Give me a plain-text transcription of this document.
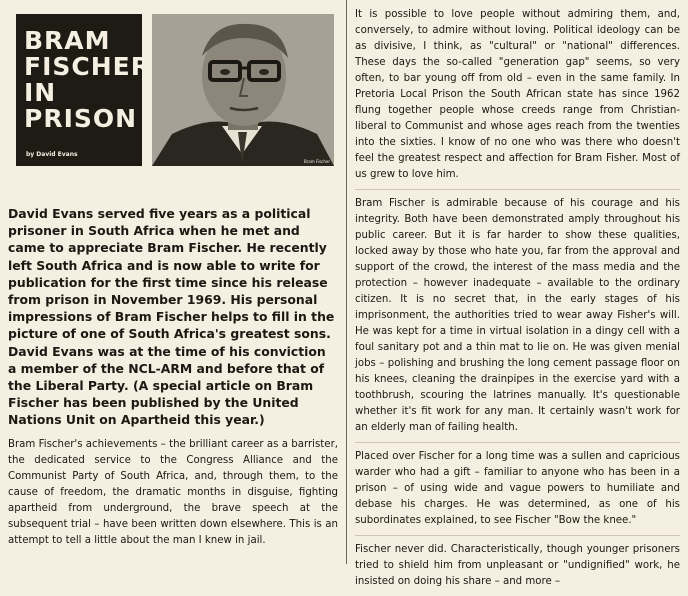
BRAM
FISCHER
IN
PRISON
by David Evans
Bram Fischer

David Evans served five years as a political prisoner in South Africa when he met and came to appreciate Bram Fischer. He recently left South Africa and is now able to write for publication for the first time since his release from prison in November 1969. His personal impressions of Bram Fischer helps to fill in the picture of one of South Africa's greatest sons. David Evans was at the time of his conviction a member of the NCL-ARM and before that of the Liberal Party. (A special article on Bram Fischer has been published by the United Nations Unit on Apartheid this year.)

Bram Fischer's achievements – the brilliant career as a barrister, the dedicated service to the Congress Alliance and the Communist Party of South Africa, and, through them, to the cause of freedom, the dramatic months in disguise, fighting apartheid from underground, the brave speech at the subsequent trial – have been written down elsewhere. This is an attempt to tell a little about the man I knew in jail.

It is possible to love people without admiring them, and, conversely, to admire without loving. Political ideology can be as divisive, I think, as "cultural" or "national" differences. These days the so-called "generation gap" seems, so very often, to bar young off from old – even in the same family. In Pretoria Local Prison the South African state has since 1962 flung together people whose creeds range from Christian-liberal to Communist and whose ages reach from the twenties into the sixties. I know of no one who was there who doesn't feel the greatest respect and affection for Bram Fisher. Most of us grew to love him.

Bram Fischer is admirable because of his courage and his integrity. Both have been demonstrated amply throughout his public career. But it is far harder to show these qualities, locked away by those who hate you, far from the approval and support of the crowd, the interest of the mass media and the protection – however inadequate – available to the ordinary citizen. It is no secret that, in the early stages of his imprisonment, the authorities tried to wear away Fisher's will. He was kept for a time in virtual isolation in a dingy cell with a foul sanitary pot and a thin mat to lie on. He was given menial jobs – polishing and brushing the long cement passage floor on his knees, cleaning the drainpipes in the exercise yard with a toothbrush, scouring the latrines manually. It's questionable whether it's fit work for any man. It certainly wasn't work for an elderly man of failing health.

Placed over Fischer for a long time was a sullen and capricious warder who had a gift – familiar to anyone who has been in a prison – of using wide and vague powers to humiliate and debase his charges. He was determined, as one of his subordinates explained, to see Fischer "Bow the knee."

Fischer never did. Characteristically, though younger prisoners tried to shield him from unpleasant or "undignified" work, he insisted on doing his share – and more –
